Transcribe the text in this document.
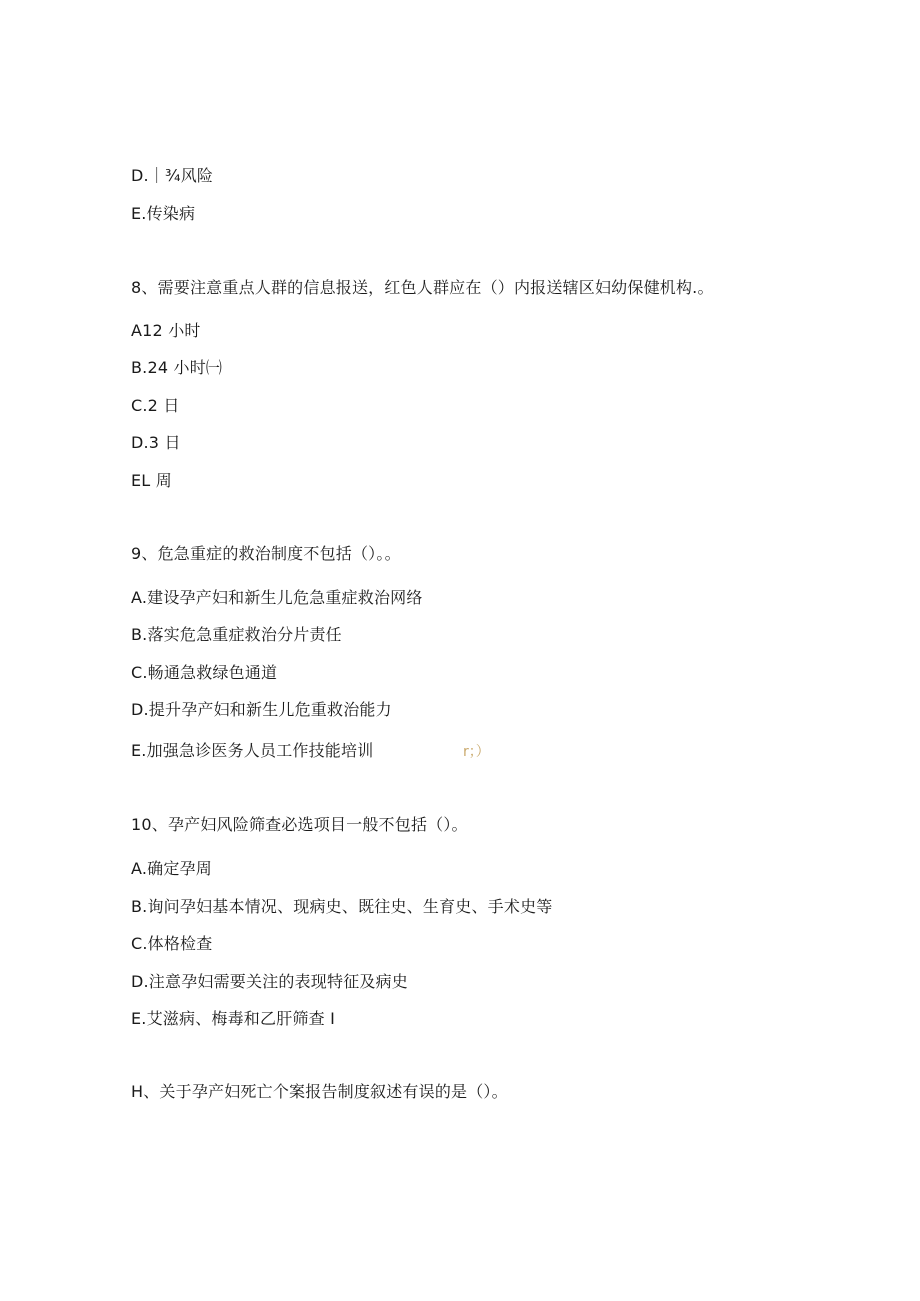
D.｜¾风险
E.传染病
8、需要注意重点人群的信息报送，红色人群应在（）内报送辖区妇幼保健机构.。
A12 小时
B.24 小时㈠
C.2 日
D.3 日
EL 周
9、危急重症的救治制度不包括（）。。
A.建设孕产妇和新生儿危急重症救治网络
B.落实危急重症救治分片责任
C.畅通急救绿色通道
D.提升孕产妇和新生儿危重救治能力
E.加强急诊医务人员工作技能培训	r；）
10、孕产妇风险筛查必选项目一般不包括（）。
A.确定孕周
B.询问孕妇基本情况、现病史、既往史、生育史、手术史等
C.体格检查
D.注意孕妇需要关注的表现特征及病史
E.艾滋病、梅毒和乙肝筛查 I
H、关于孕产妇死亡个案报告制度叙述有误的是（）。
